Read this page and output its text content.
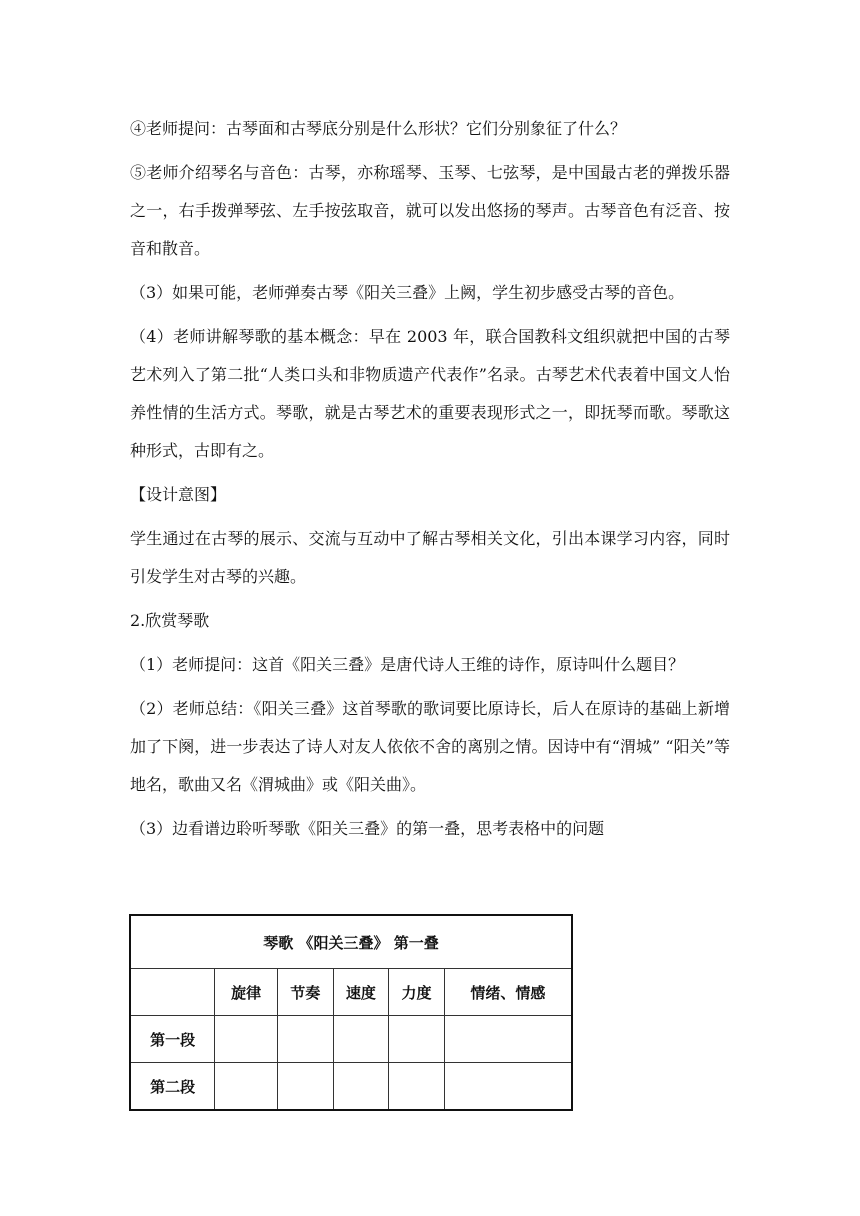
④老师提问：古琴面和古琴底分别是什么形状？它们分别象征了什么？

⑤老师介绍琴名与音色：古琴，亦称瑶琴、玉琴、七弦琴，是中国最古老的弹拨乐器之一，右手拨弹琴弦、左手按弦取音，就可以发出悠扬的琴声。古琴音色有泛音、按音和散音。

（3）如果可能，老师弹奏古琴《阳关三叠》上阙，学生初步感受古琴的音色。

（4）老师讲解琴歌的基本概念：早在 2003 年，联合国教科文组织就把中国的古琴艺术列入了第二批“人类口头和非物质遗产代表作”名录。古琴艺术代表着中国文人怡养性情的生活方式。琴歌，就是古琴艺术的重要表现形式之一，即抚琴而歌。琴歌这种形式，古即有之。

【设计意图】

学生通过在古琴的展示、交流与互动中了解古琴相关文化，引出本课学习内容，同时引发学生对古琴的兴趣。

2.欣赏琴歌

（1）老师提问：这首《阳关三叠》是唐代诗人王维的诗作，原诗叫什么题目？

（2）老师总结：《阳关三叠》这首琴歌的歌词要比原诗长，后人在原诗的基础上新增加了下阕，进一步表达了诗人对友人依依不舍的离别之情。因诗中有“渭城” “阳关”等地名，歌曲又名《渭城曲》或《阳关曲》。

（3）边看谱边聆听琴歌《阳关三叠》的第一叠，思考表格中的问题

琴歌 《阳关三叠》 第一叠					
	旋律	节奏	速度	力度	情绪、情感
第一段					
第二段					
